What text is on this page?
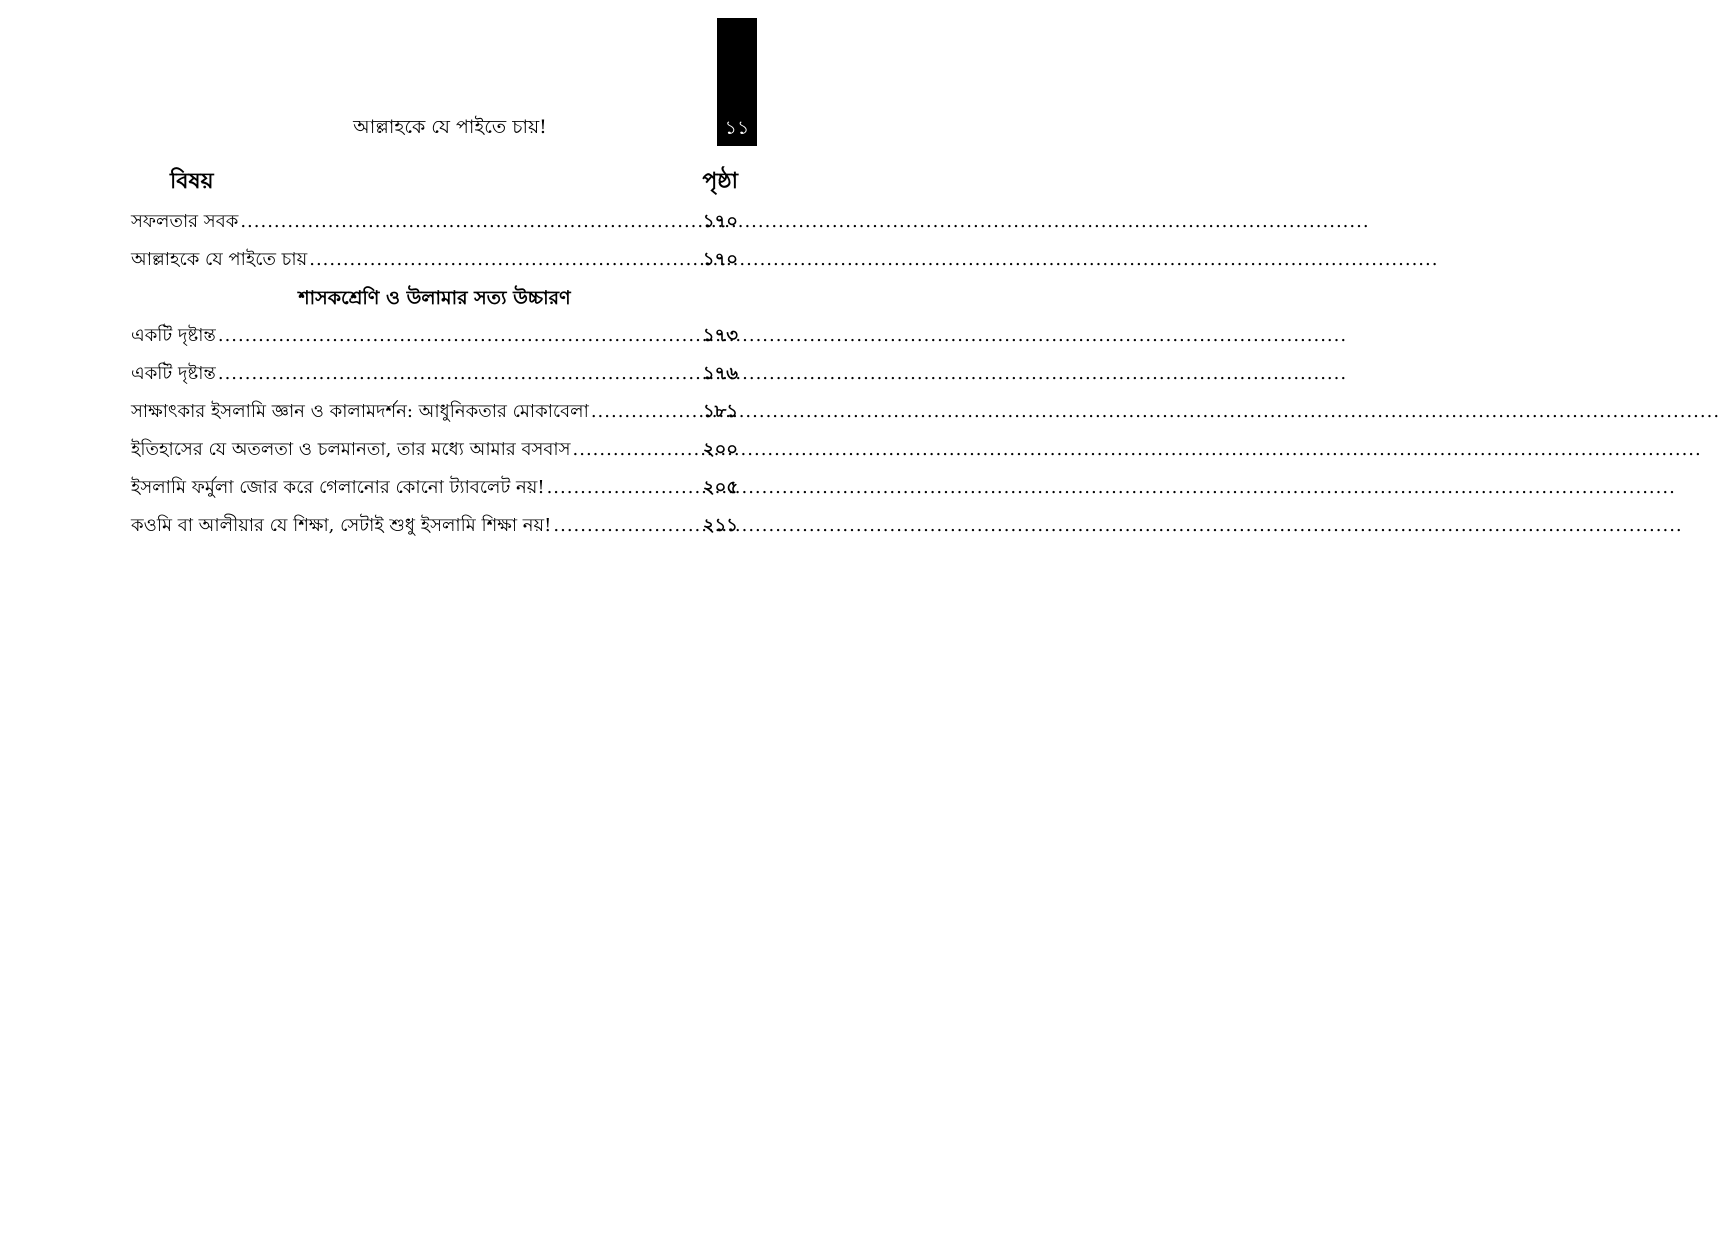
১১
আল্লাহকে যে পাইতে চায়!
বিষয়	পৃষ্ঠা
সফলতার সবক .....	১৭০
আল্লাহকে যে পাইতে চায় .....	১৭০
শাসকশ্রেণি ও উলামার সত্য উচ্চারণ
একটি দৃষ্টান্ত .....	১৭৩
একটি দৃষ্টান্ত .....	১৭৬
সাক্ষাৎকার ইসলামি জ্ঞান ও কালামদর্শন: আধুনিকতার মোকাবেলা .....	১৮১
ইতিহাসের যে অতলতা ও চলমানতা, তার মধ্যে আমার বসবাস .....	২০০
ইসলামি ফর্মুলা জোর করে গেলানোর কোনো ট্যাবলেট নয়! .....	২০৫
কওমি বা আলীয়ার যে শিক্ষা, সেটাই শুধু ইসলামি শিক্ষা নয়! .....	২১১
